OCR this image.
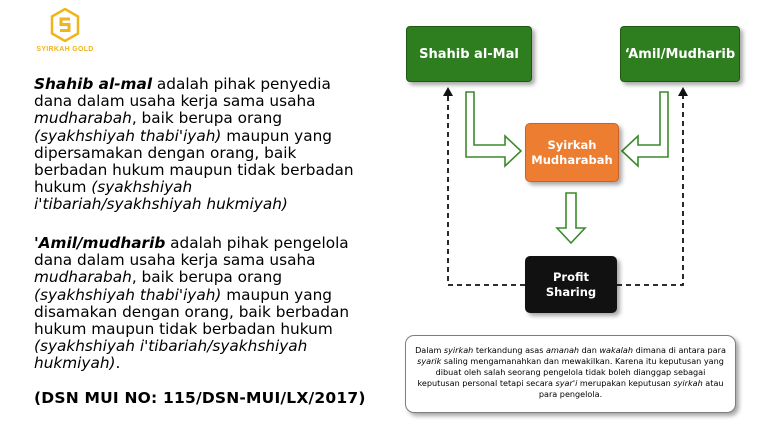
SYIRKAH GOLD
Shahib al-mal adalah pihak penyedia dana dalam usaha kerja sama usaha mudharabah, baik berupa orang (syakhshiyah thabi'iyah) maupun yang dipersamakan dengan orang, baik berbadan hukum maupun tidak berbadan hukum (syakhshiyah i'tibariah/syakhshiyah hukmiyah)
'Amil/mudharib adalah pihak pengelola dana dalam usaha kerja sama usaha mudharabah, baik berupa orang (syakhshiyah thabi'iyah) maupun yang disamakan dengan orang, baik berbadan hukum maupun tidak berbadan hukum (syakhshiyah i'tibariah/syakhshiyah hukmiyah).
(DSN MUI NO: 115/DSN-MUI/LX/2017)
Shahib al-Mal	‘Amil/Mudharib
Syirkah
Mudharabah
Profit
Sharing
Dalam syirkah terkandung asas amanah dan wakalah dimana di antara para syarik saling mengamanahkan dan mewakilkan. Karena itu keputusan yang dibuat oleh salah seorang pengelola tidak boleh dianggap sebagai keputusan personal tetapi secara syar'i merupakan keputusan syirkah atau para pengelola.
